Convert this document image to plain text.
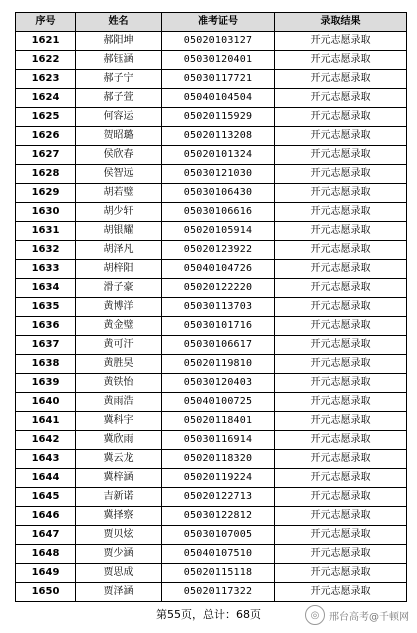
序号	姓名	准考证号	录取结果
1621	郝阳坤	05020103127	开元志愿录取
1622	郝钰涵	05030120401	开元志愿录取
1623	郝子宁	05030117721	开元志愿录取
1624	郝子萱	05040104504	开元志愿录取
1625	何容运	05020115929	开元志愿录取
1626	贺昭璐	05020113208	开元志愿录取
1627	侯欣春	05020101324	开元志愿录取
1628	侯智远	05030121030	开元志愿录取
1629	胡若璧	05030106430	开元志愿录取
1630	胡少轩	05030106616	开元志愿录取
1631	胡银耀	05020105914	开元志愿录取
1632	胡泽凡	05020123922	开元志愿录取
1633	胡梓阳	05040104726	开元志愿录取
1634	滑子豪	05020122220	开元志愿录取
1635	黄博洋	05030113703	开元志愿录取
1636	黄金璧	05030101716	开元志愿录取
1637	黄可汗	05030106617	开元志愿录取
1638	黄胜昊	05020119810	开元志愿录取
1639	黄铁怡	05030120403	开元志愿录取
1640	黄雨浩	05040100725	开元志愿录取
1641	冀科宇	05020118401	开元志愿录取
1642	冀欣雨	05030116914	开元志愿录取
1643	冀云龙	05020118320	开元志愿录取
1644	冀梓涵	05020119224	开元志愿录取
1645	吉新诺	05020122713	开元志愿录取
1646	冀择察	05030122812	开元志愿录取
1647	贾贝炫	05030107005	开元志愿录取
1648	贾少涵	05040107510	开元志愿录取
1649	贾思成	05020115118	开元志愿录取
1650	贾泽涵	05020117322	开元志愿录取
第55页，总计：68页	◎ 邢台高考@千顿网
